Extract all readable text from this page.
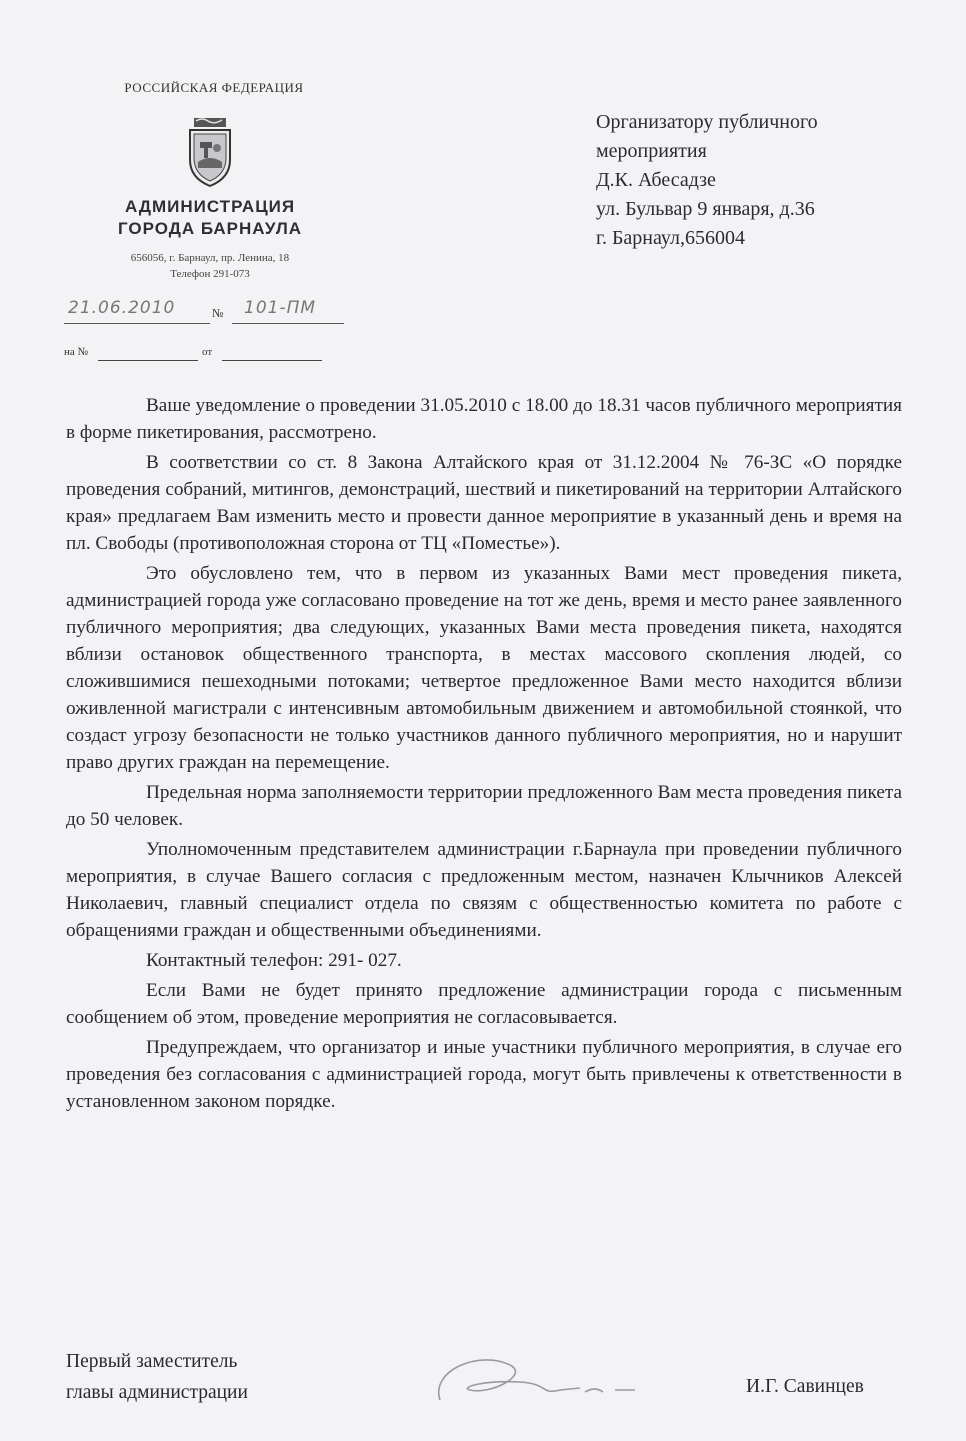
РОССИЙСКАЯ ФЕДЕРАЦИЯ
АДМИНИСТРАЦИЯ
ГОРОДА БАРНАУЛА
656056, г. Барнаул, пр. Ленина, 18
Телефон 291-073
21.06.2010	№ 101-ПМ
на №	от
Организатору публичного
мероприятия
Д.К. Абесадзе
ул. Бульвар 9 января, д.36
г. Барнаул,656004

Ваше уведомление о проведении 31.05.2010 с 18.00 до 18.31 часов публичного мероприятия в форме пикетирования, рассмотрено.

В соответствии со ст. 8 Закона Алтайского края от 31.12.2004 № 76-ЗС «О порядке проведения собраний, митингов, демонстраций, шествий и пикетирований на территории Алтайского края» предлагаем Вам изменить место и провести данное мероприятие в указанный день и время на пл. Свободы (противоположная сторона от ТЦ «Поместье»).

Это обусловлено тем, что в первом из указанных Вами мест проведения пикета, администрацией города уже согласовано проведение на тот же день, время и место ранее заявленного публичного мероприятия; два следующих, указанных Вами места проведения пикета, находятся вблизи остановок общественного транспорта, в местах массового скопления людей, со сложившимися пешеходными потоками; четвертое предложенное Вами место находится вблизи оживленной магистрали с интенсивным автомобильным движением и автомобильной стоянкой, что создаст угрозу безопасности не только участников данного публичного мероприятия, но и нарушит право других граждан на перемещение.

Предельная норма заполняемости территории предложенного Вам места проведения пикета до 50 человек.

Уполномоченным представителем администрации г.Барнаула при проведении публичного мероприятия, в случае Вашего согласия с предложенным местом, назначен Клычников Алексей Николаевич, главный специалист отдела по связям с общественностью комитета по работе с обращениями граждан и общественными объединениями.

Контактный телефон: 291- 027.

Если Вами не будет принято предложение администрации города с письменным сообщением об этом, проведение мероприятия не согласовывается.

Предупреждаем, что организатор и иные участники публичного мероприятия, в случае его проведения без согласования с администрацией города, могут быть привлечены к ответственности в установленном законом порядке.

Первый заместитель
главы администрации	И.Г. Савинцев
